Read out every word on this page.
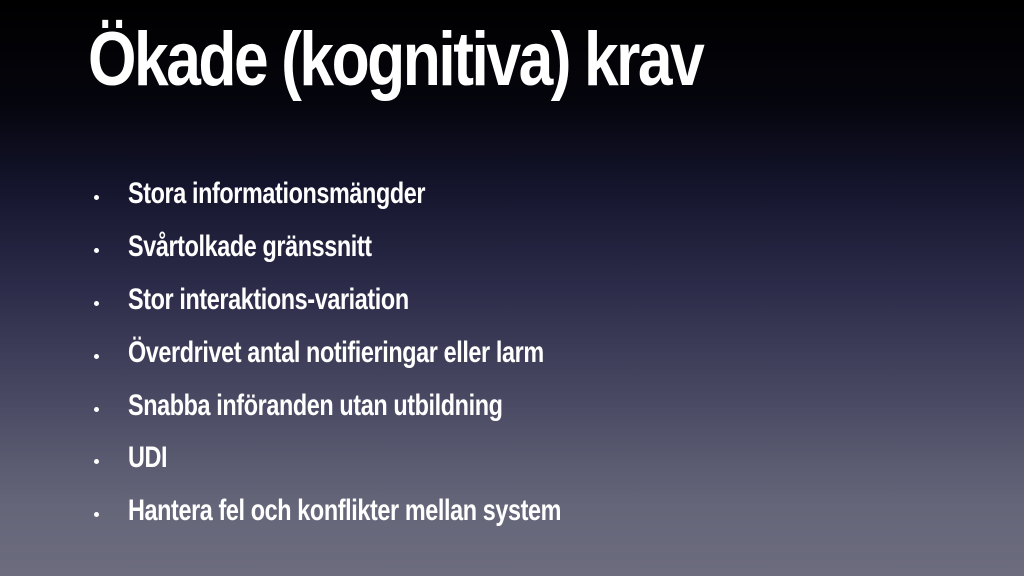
Ökade (kognitiva) krav
Stora informationsmängder
Svårtolkade gränssnitt
Stor interaktions-variation
Överdrivet antal notifieringar eller larm
Snabba införanden utan utbildning
UDI
Hantera fel och konflikter mellan system
